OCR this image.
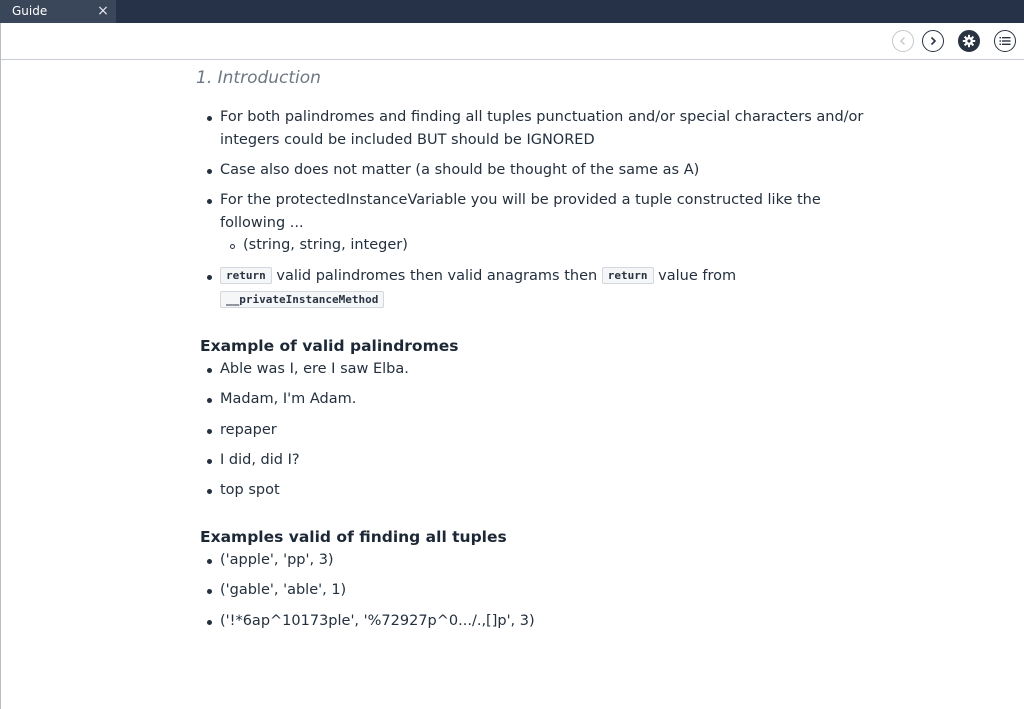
Guide	×
1. Introduction
For both palindromes and finding all tuples punctuation and/or special characters and/or
integers could be included BUT should be IGNORED
Case also does not matter (a should be thought of the same as A)
For the protectedInstanceVariable you will be provided a tuple constructed like the
following ...
(string, string, integer)
return valid palindromes then valid anagrams then return value from
__privateInstanceMethod
Example of valid palindromes
Able was I, ere I saw Elba.
Madam, I'm Adam.
repaper
I did, did I?
top spot
Examples valid of finding all tuples
('apple', 'pp', 3)
('gable', 'able', 1)
('!*6ap^10173ple', '%72927p^0.../.,[]p', 3)
